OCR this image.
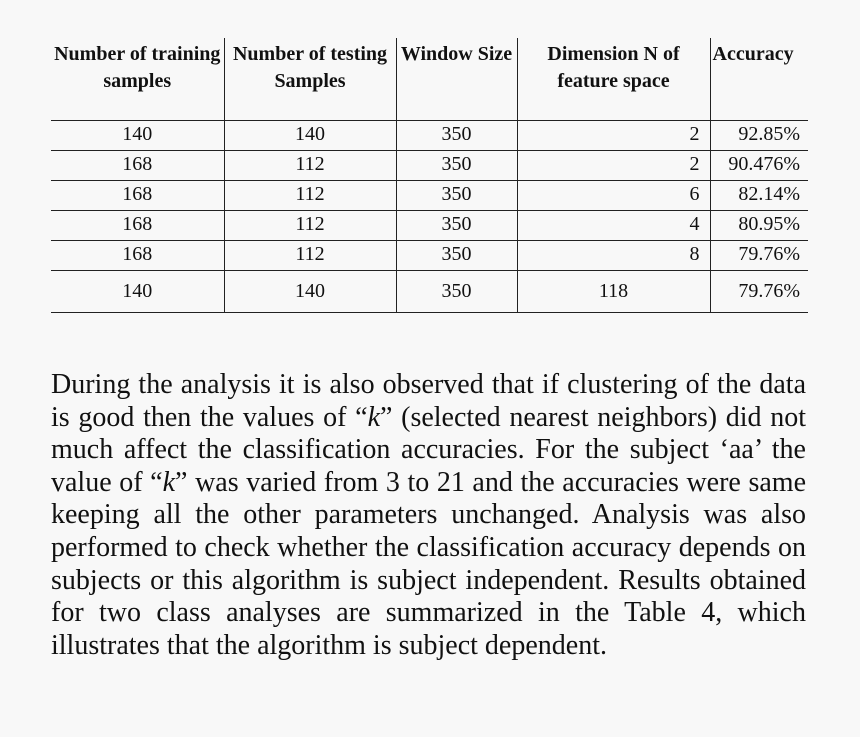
Number of training samples	Number of testing Samples	Window Size	Dimension N of feature space	Accuracy
140	140	350	2	92.85%
168	112	350	2	90.476%
168	112	350	6	82.14%
168	112	350	4	80.95%
168	112	350	8	79.76%
140	140	350	118	79.76%

During the analysis it is also observed that if clustering of the data is good then the values of “k” (selected nearest neighbors) did not much affect the classification accuracies. For the subject ‘aa’ the value of “k” was varied from 3 to 21 and the accuracies were same keeping all the other parameters unchanged. Analysis was also performed to check whether the classification accuracy depends on subjects or this algorithm is subject independent. Results obtained for two class analyses are summarized in the Table 4, which illustrates that the algorithm is subject dependent.
